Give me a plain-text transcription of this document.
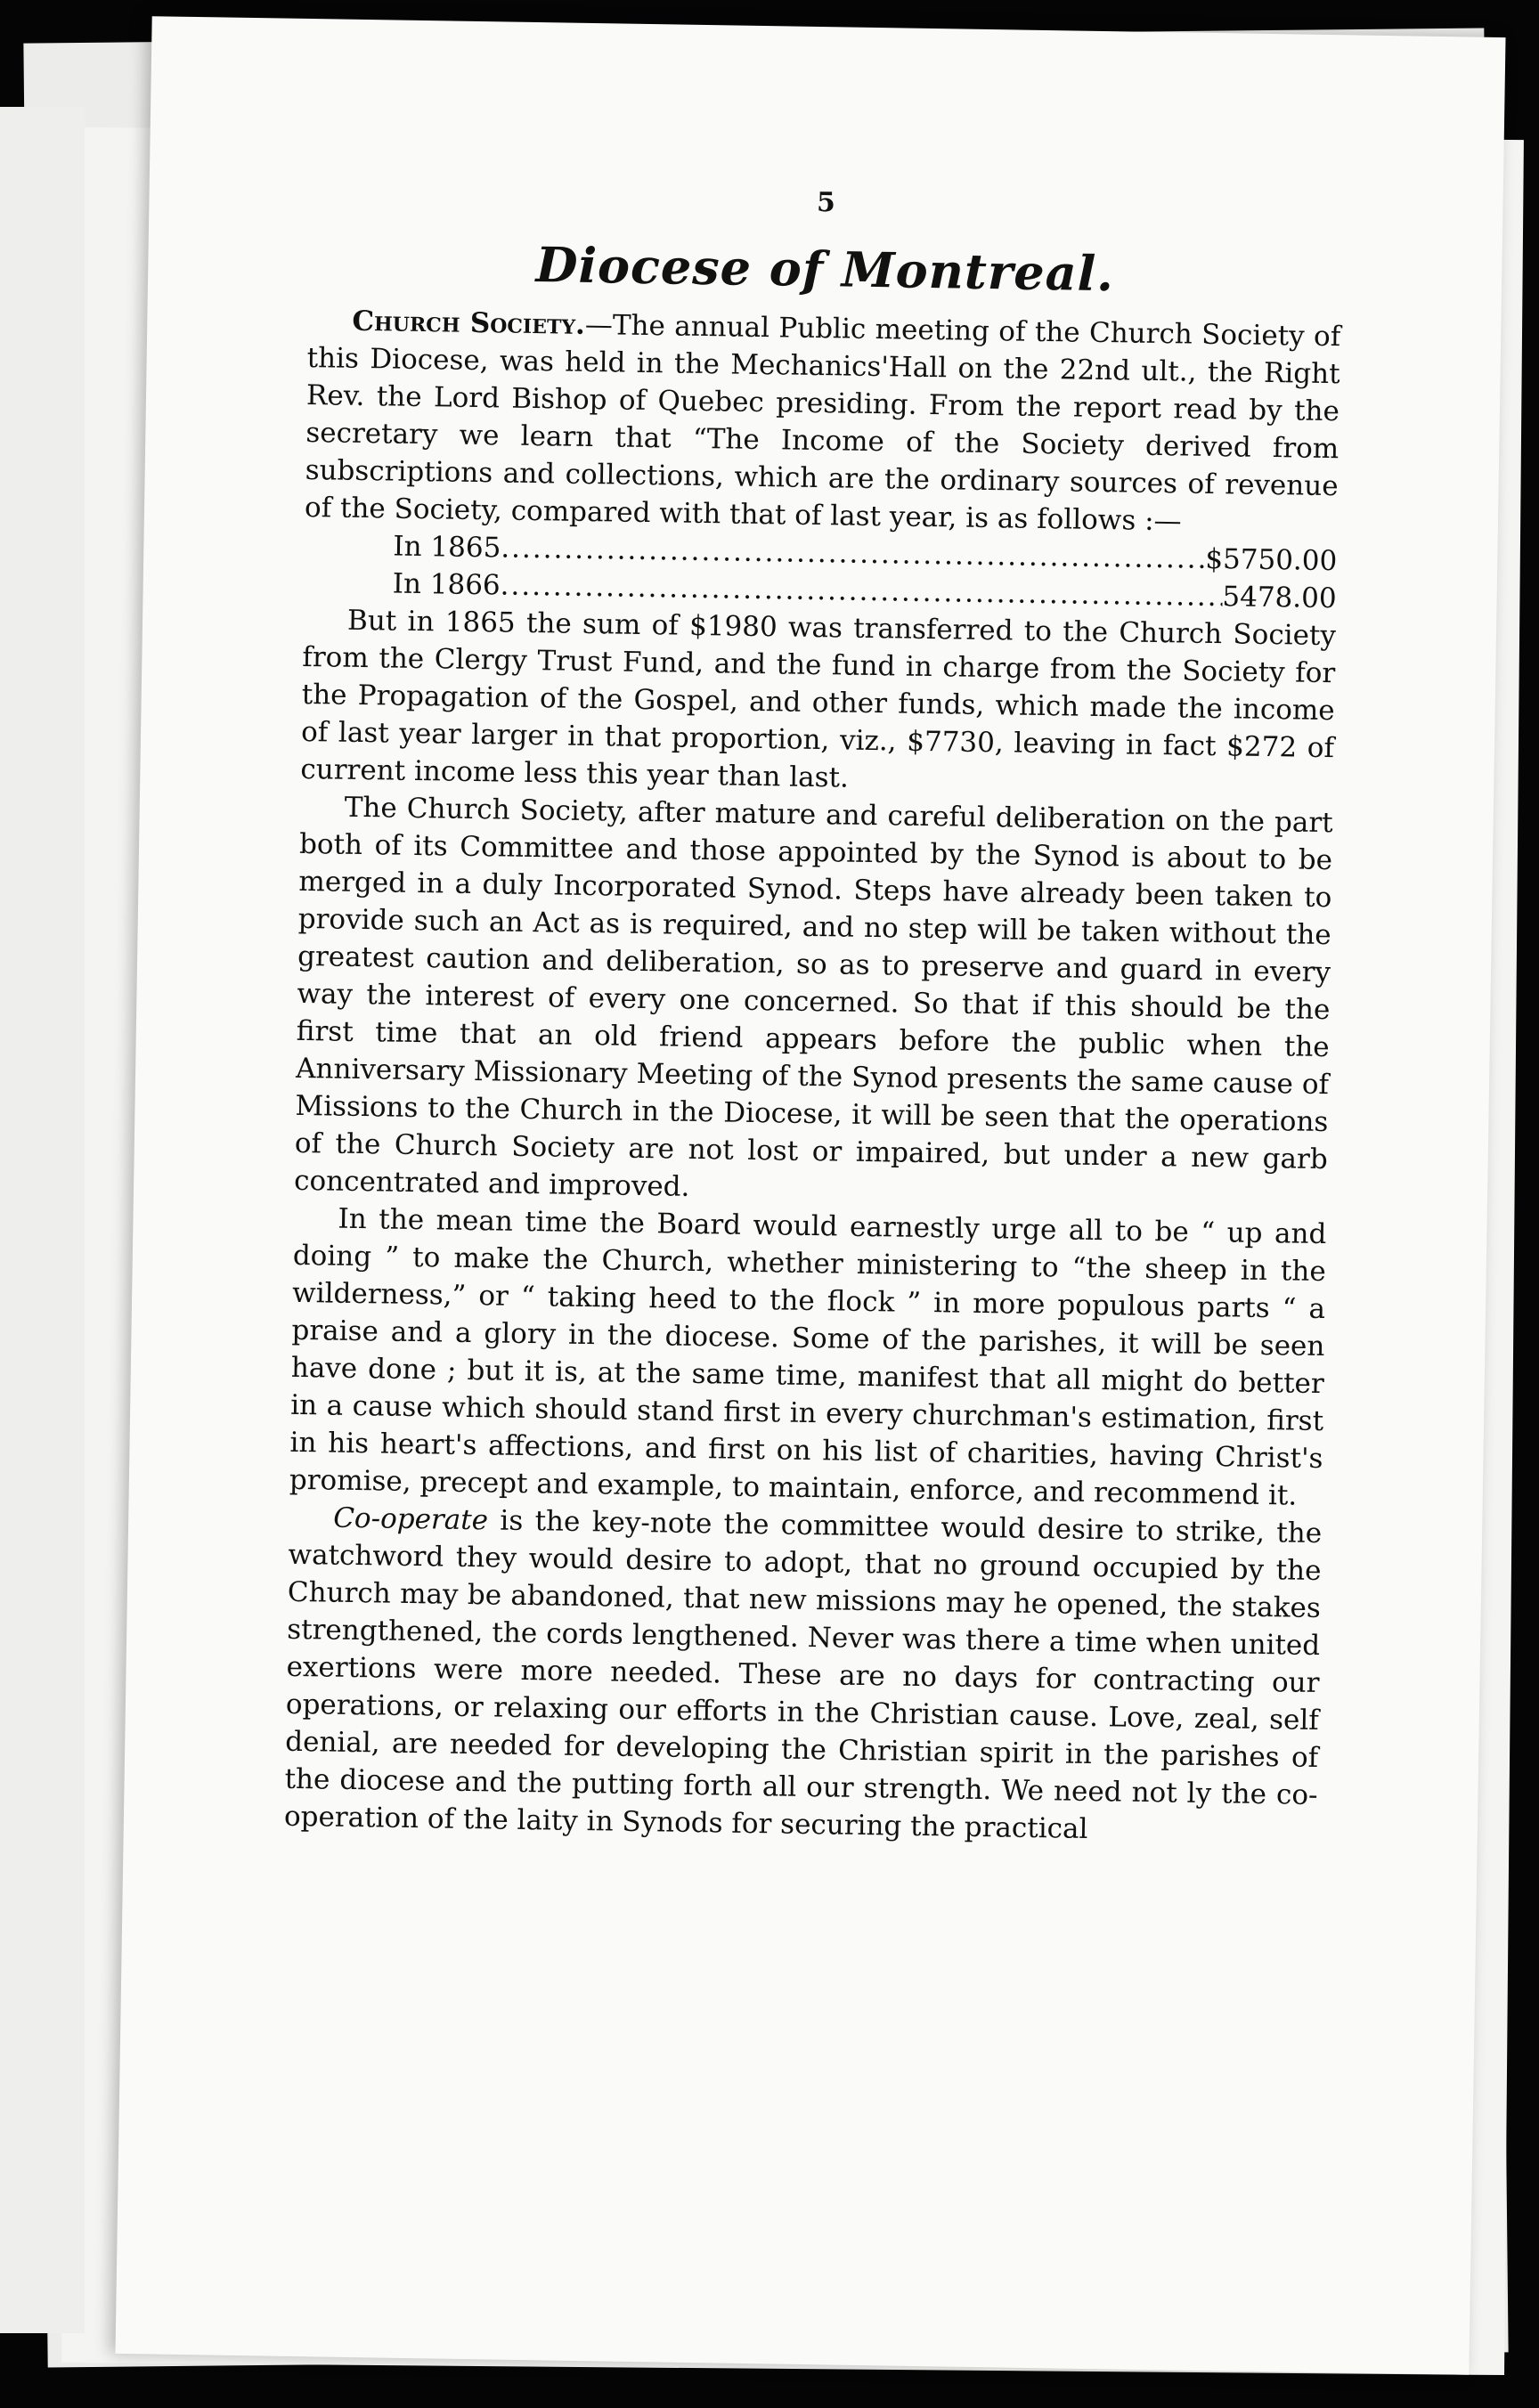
5
Diocese of Montreal.

Church Society.—The annual Public meeting of the Church Society of this Diocese, was held in the Mechanics'Hall on the 22nd ult., the Right Rev. the Lord Bishop of Quebec presiding. From the report read by the secretary we learn that “The Income of the Society derived from subscriptions and collections, which are the ordinary sources of revenue of the Society, compared with that of last year, is as follows :—

In 1865 .....	$5750.00
In 1866 .....	5478.00

But in 1865 the sum of $1980 was transferred to the Church Society from the Clergy Trust Fund, and the fund in charge from the Society for the Propagation of the Gospel, and other funds, which made the income of last year larger in that proportion, viz., $7730, leaving in fact $272 of current income less this year than last.

The Church Society, after mature and careful deliberation on the part both of its Committee and those appointed by the Synod is about to be merged in a duly Incorporated Synod. Steps have already been taken to provide such an Act as is required, and no step will be taken without the greatest caution and deliberation, so as to preserve and guard in every way the interest of every one concerned. So that if this should be the first time that an old friend appears before the public when the Anniversary Missionary Meeting of the Synod presents the same cause of Missions to the Church in the Diocese, it will be seen that the operations of the Church Society are not lost or impaired, but under a new garb concentrated and improved.

In the mean time the Board would earnestly urge all to be “ up and doing ” to make the Church, whether ministering to “the sheep in the wilderness,” or “ taking heed to the flock ” in more populous parts “ a praise and a glory in the diocese. Some of the parishes, it will be seen have done ; but it is, at the same time, manifest that all might do better in a cause which should stand first in every churchman's estimation, first in his heart's affections, and first on his list of charities, having Christ's promise, precept and example, to maintain, enforce, and recommend it.

Co-operate is the key-note the committee would desire to strike, the watchword they would desire to adopt, that no ground occupied by the Church may be abandoned, that new missions may he opened, the stakes strengthened, the cords lengthened. Never was there a time when united exertions were more needed. These are no days for contracting our operations, or relaxing our efforts in the Christian cause. Love, zeal, self denial, are needed for developing the Christian spirit in the parishes of the diocese and the putting forth all our strength. We need not ly the co-operation of the laity in Synods for securing the practical
